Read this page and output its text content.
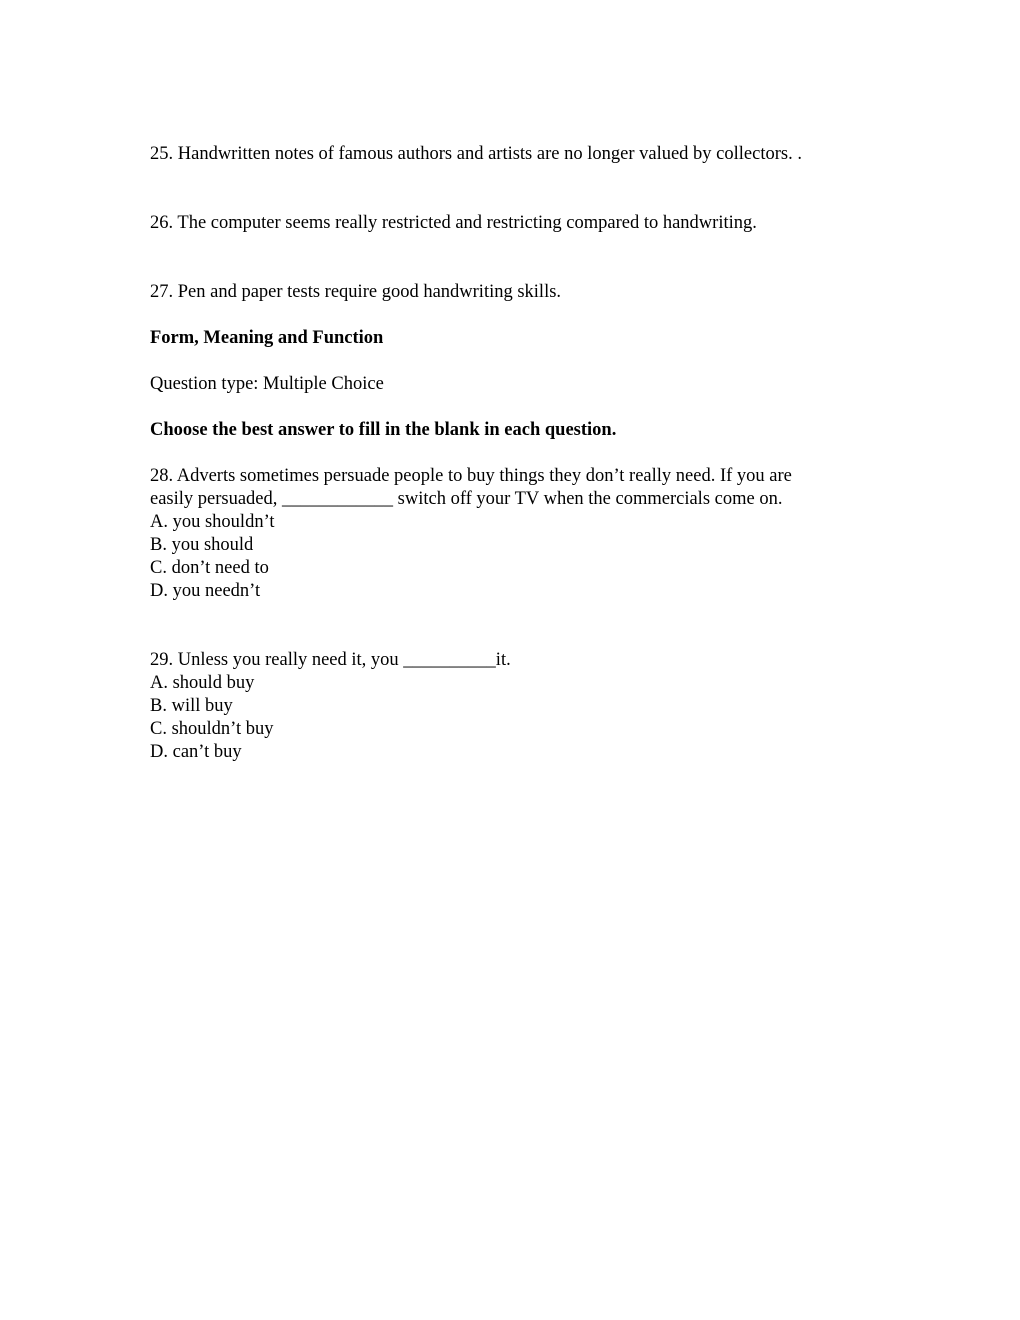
25. Handwritten notes of famous authors and artists are no longer valued by collectors. .
26. The computer seems really restricted and restricting compared to handwriting.
27. Pen and paper tests require good handwriting skills.
Form, Meaning and Function
Question type: Multiple Choice
Choose the best answer to fill in the blank in each question.
28. Adverts sometimes persuade people to buy things they don’t really need. If you are
easily persuaded, ____________ switch off your TV when the commercials come on.
A. you shouldn’t
B. you should
C. don’t need to
D. you needn’t
29. Unless you really need it, you __________it.
A. should buy
B. will buy
C. shouldn’t buy
D. can’t buy
